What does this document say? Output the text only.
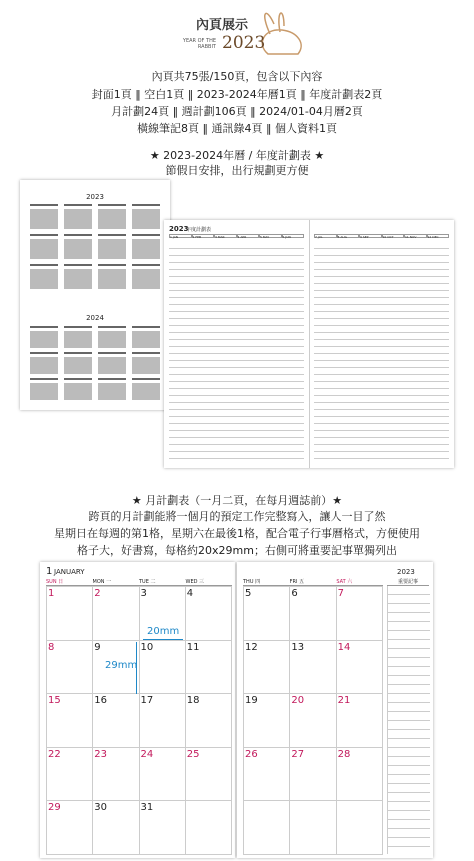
內頁展示
YEAR OF THE RABBIT 2023
內頁共75張/150頁，包含以下內容
封面1頁 ‖ 空白1頁 ‖ 2023-2024年曆1頁 ‖ 年度計劃表2頁
月計劃24頁 ‖ 週計劃106頁 ‖ 2024/01-04月曆2頁
橫線筆記8頁 ‖ 通訊錄4頁 ‖ 個人資料1頁
★ 2023-2024年曆 / 年度計劃表 ★
節假日安排，出行規劃更方便
2023
2024
2023
年度計劃表
1 JAN	2 FEB	3 MAR	4 APR	5 MAY	6 JUN	7 JUL	8 AUG	9 SEP	10 OCT	11 NOV	12 DEC
★ 月計劃表（一月二頁，在每月週誌前）★
跨頁的月計劃能將一個月的預定工作完整寫入，讓人一目了然
星期日在每週的第1格，星期六在最後1格，配合電子行事曆格式，方便使用
格子大，好書寫，每格約20x29mm；右側可將重要記事單獨列出
1 JANUARY
SUN 日	MON 一	TUE 二	WED 三
1	2	3	4
8	9	10	11
15	16	17	18
22	23	24	25
29	30	31
20mm
29mm
2023
THU 四	FRI 五	SAT 六	重要記事
5	6	7
12	13	14
19	20	21
26	27	28
